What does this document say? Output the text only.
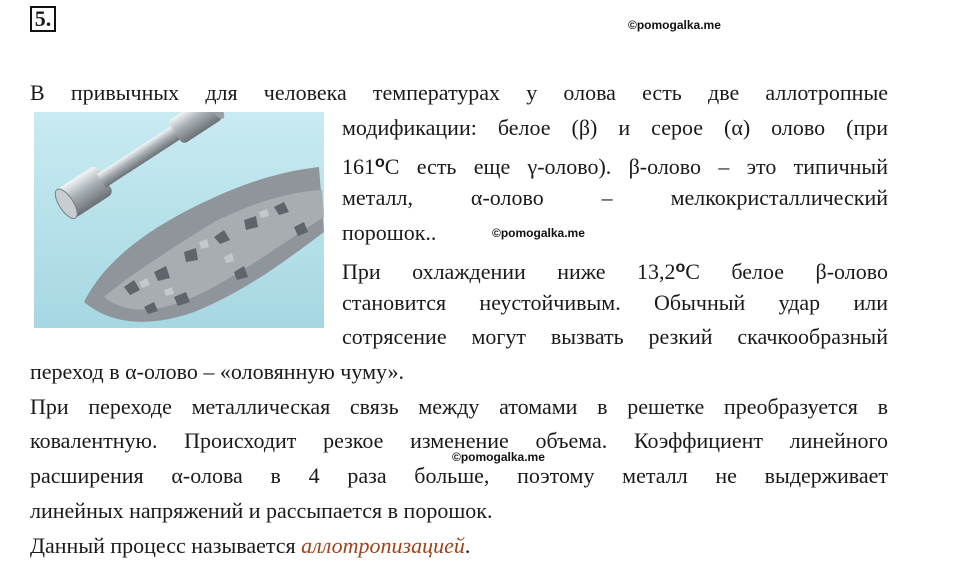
5.	©pomogalka.me
В привычных для человека температурах у олова есть две аллотропные
модификации: белое (β) и серое (α) олово (при
$161^оС$ есть еще γ-олово). β-олово – это типичный
металл, α-олово – мелкокристаллический
порошок..	©pomogalka.me
При охлаждении ниже $13,2^оС$ белое β-олово
становится неустойчивым. Обычный удар или
сотрясение могут вызвать резкий скачкообразный
переход в α-олово – «оловянную чуму».
При переходе металлическая связь между атомами в решетке преобразуется в
ковалентную. Происходит резкое изменение объема. Коэффициент линейного
©pomogalka.me
расширения α-олова в 4 раза больше, поэтому металл не выдерживает
линейных напряжений и рассыпается в порошок.
Данный процесс называется аллотропизацией.
